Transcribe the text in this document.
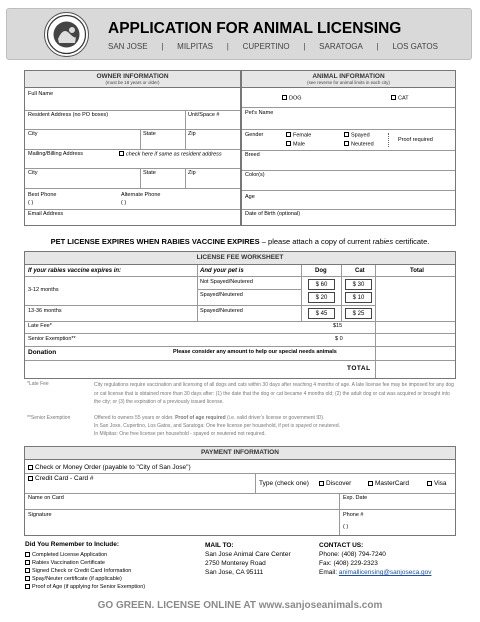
APPLICATION FOR ANIMAL LICENSING
SAN JOSE | MILPITAS | CUPERTINO | SARATOGA | LOS GATOS
OWNER INFORMATION
(must be 18 years or older)
Full Name
Resident Address (no PO boxes)	Unit/Space #
City	State	Zip
Mailing/Billing Address	check here if same as resident address
City	State	Zip
Best Phone
( )
Alternate Phone
( )
Email Address
ANIMAL INFORMATION
(see reverse for animal limits in each city)
DOG	CAT
Pet's Name
Gender	Female
Male
Spayed
Neutered
Proof required
Breed
Color(s)
Age
Date of Birth (optional)
PET LICENSE EXPIRES WHEN RABIES VACCINE EXPIRES – please attach a copy of current rabies certificate.
LICENSE FEE WORKSHEET
If your rabies vaccine expires in:	And your pet is	Dog	Cat	Total
3-12 months
Not Spayed/Neutered	$ 60	$ 30
Spayed/Neutered	$ 20	$ 10
13-36 months	Spayed/Neutered	$ 45	$ 25
Late Fee*	$15
Senior Exemption**	$ 0
Donation	Please consider any amount to help our special needs animals
TOTAL
*Late Fee	City regulations require vaccination and licensing of all dogs and cats within 30 days after reaching 4 months of age. A late license fee may be imposed for any dog or cat license that is obtained more than 30 days after: (1) the date that the dog or cat became 4 months old; (2) the adult dog or cat was acquired or brought into the city; or (3) the expiration of a previously issued license.
**Senior Exemption	Offered to owners 55 years or older. Proof of age required (i.e. valid driver's license or government ID).
In San Jose, Cupertino, Los Gatos, and Saratoga: One free license per household, if pet is spayed or neutered.
In Milpitas: One free license per household - spayed or neutered not required.
PAYMENT INFORMATION
Check or Money Order (payable to "City of San Jose")
Credit Card - Card #
Type (check one)	Discover	MasterCard	Visa
Name on Card	Exp. Date
Signature	Phone #
( )
Did You Remember to Include:
Completed License Application
Rabies Vaccination Certificate
Signed Check or Credit Card Information
Spay/Neuter certificate (if applicable)
Proof of Age (if applying for Senior Exemption)
MAIL TO:
San Jose Animal Care Center
2750 Monterey Road
San Jose, CA 95111
CONTACT US:
Phone: (408) 794-7240
Fax: (408) 229-2323
Email: animallicensing@sanjoseca.gov
GO GREEN. LICENSE ONLINE AT www.sanjoseanimals.com
